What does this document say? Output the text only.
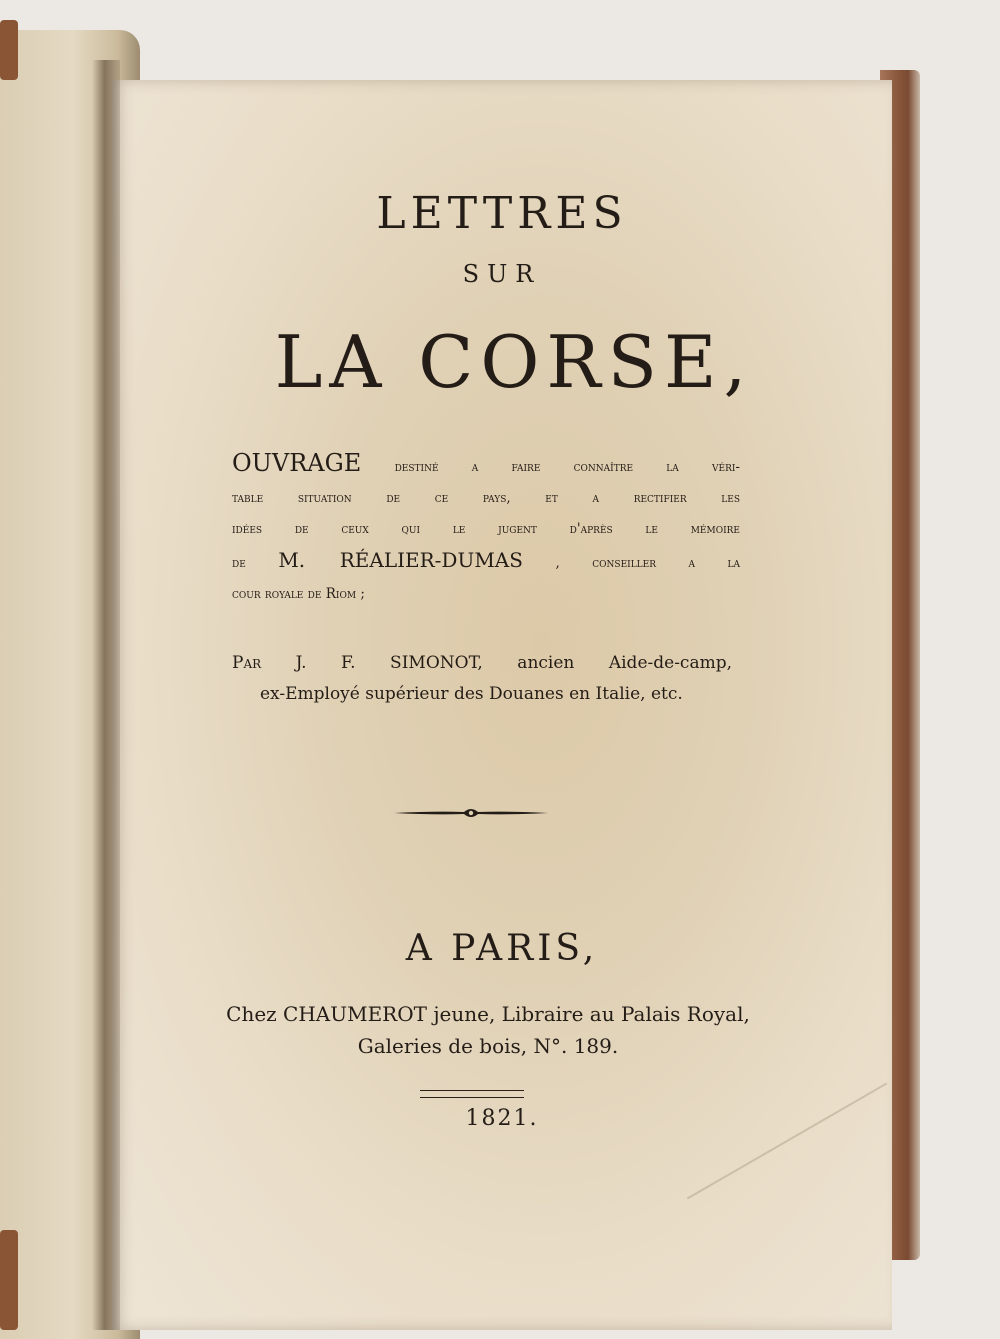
LETTRES
SUR
LA CORSE,
OUVRAGE destiné a faire connaître la véri-
table situation de ce pays, et a rectifier les
idées de ceux qui le jugent d'après le mémoire
de M. RÉALIER-DUMAS , conseiller a la
cour royale de Riom ;
Par J. F. SIMONOT, ancien Aide-de-camp,
ex-Employé supérieur des Douanes en Italie, etc.
A PARIS,
Chez CHAUMEROT jeune, Libraire au Palais Royal,
Galeries de bois, N°. 189.
1821.
